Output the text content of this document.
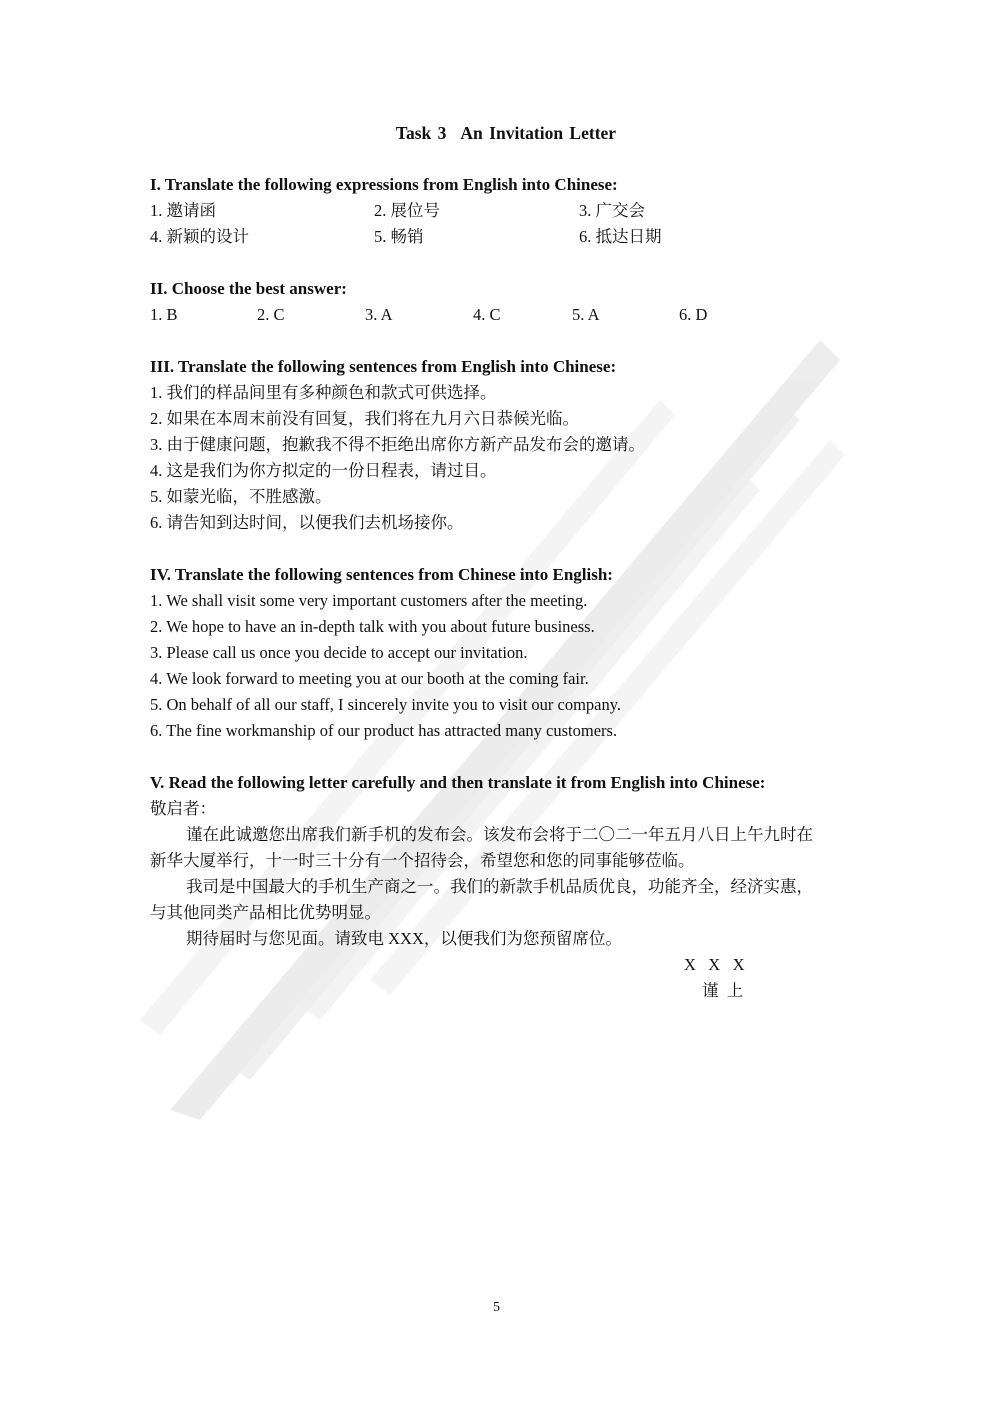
Task 3 An Invitation Letter
I. Translate the following expressions from English into Chinese:
1. 邀请函	2. 展位号	3. 广交会
4. 新颖的设计	5. 畅销	6. 抵达日期
II. Choose the best answer:
1. B	2. C	3. A	4. C	5. A	6. D
III. Translate the following sentences from English into Chinese:
1. 我们的样品间里有多种颜色和款式可供选择。
2. 如果在本周末前没有回复，我们将在九月六日恭候光临。
3. 由于健康问题，抱歉我不得不拒绝出席你方新产品发布会的邀请。
4. 这是我们为你方拟定的一份日程表，请过目。
5. 如蒙光临，不胜感激。
6. 请告知到达时间，以便我们去机场接你。
IV. Translate the following sentences from Chinese into English:
1. We shall visit some very important customers after the meeting.
2. We hope to have an in-depth talk with you about future business.
3. Please call us once you decide to accept our invitation.
4. We look forward to meeting you at our booth at the coming fair.
5. On behalf of all our staff, I sincerely invite you to visit our company.
6. The fine workmanship of our product has attracted many customers.
V. Read the following letter carefully and then translate it from English into Chinese:
敬启者：
谨在此诚邀您出席我们新手机的发布会。该发布会将于二〇二一年五月八日上午九时在
新华大厦举行，十一时三十分有一个招待会，希望您和您的同事能够莅临。
我司是中国最大的手机生产商之一。我们的新款手机品质优良，功能齐全，经济实惠，
与其他同类产品相比优势明显。
期待届时与您见面。请致电 XXX，以便我们为您预留席位。
X   X   X
谨  上
5
